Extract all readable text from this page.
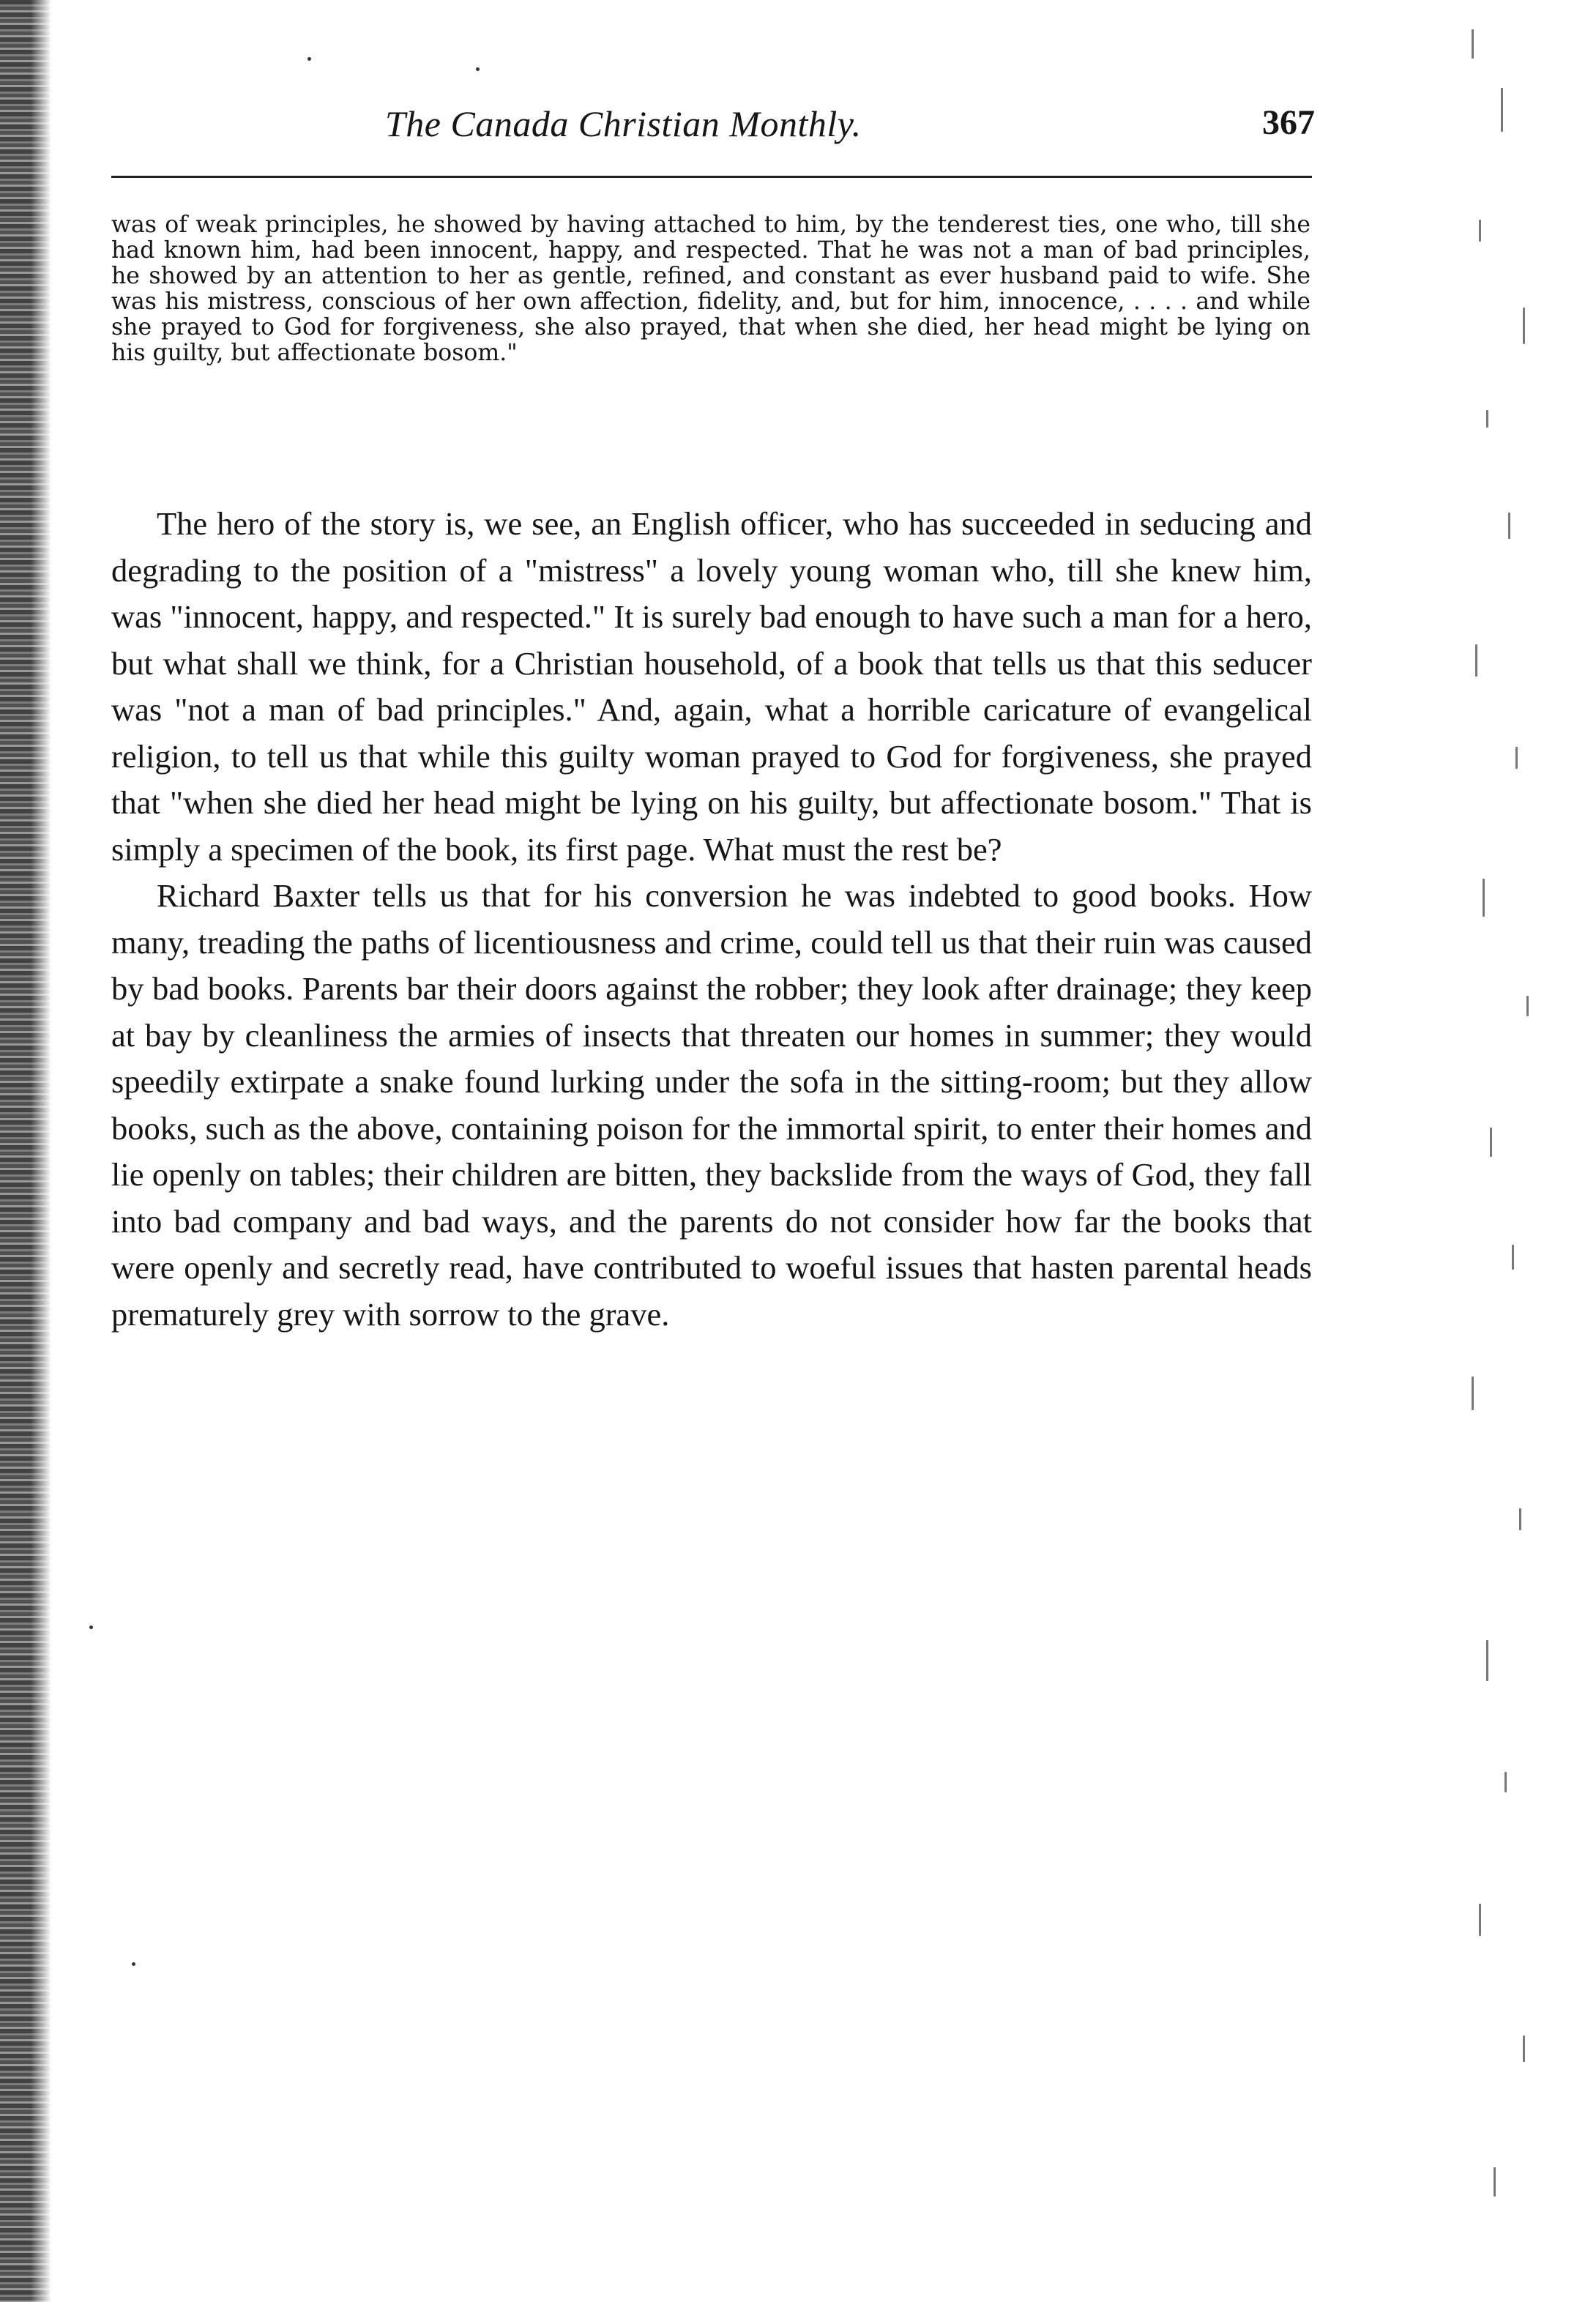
The Canada Christian Monthly.	367

was of weak principles, he showed by having attached to him, by the tenderest ties, one who, till she had known him, had been innocent, happy, and respected. That he was not a man of bad principles, he showed by an attention to her as gentle, refined, and constant as ever husband paid to wife. She was his mistress, conscious of her own affection, fidelity, and, but for him, innocence, . . . . and while she prayed to God for forgiveness, she also prayed, that when she died, her head might be lying on his guilty, but affectionate bosom."

The hero of the story is, we see, an English officer, who has succeeded in seducing and degrading to the position of a "mistress" a lovely young woman who, till she knew him, was "innocent, happy, and respected." It is surely bad enough to have such a man for a hero, but what shall we think, for a Christian household, of a book that tells us that this seducer was "not a man of bad principles." And, again, what a horrible caricature of evangelical religion, to tell us that while this guilty woman prayed to God for forgiveness, she prayed that "when she died her head might be lying on his guilty, but affectionate bosom." That is simply a specimen of the book, its first page. What must the rest be?

Richard Baxter tells us that for his conversion he was indebted to good books. How many, treading the paths of licentiousness and crime, could tell us that their ruin was caused by bad books. Parents bar their doors against the robber; they look after drainage; they keep at bay by cleanliness the armies of insects that threaten our homes in summer; they would speedily extirpate a snake found lurking under the sofa in the sitting-room; but they allow books, such as the above, containing poison for the immortal spirit, to enter their homes and lie openly on tables; their children are bitten, they backslide from the ways of God, they fall into bad company and bad ways, and the parents do not consider how far the books that were openly and secretly read, have contributed to woeful issues that hasten parental heads prematurely grey with sorrow to the grave.
